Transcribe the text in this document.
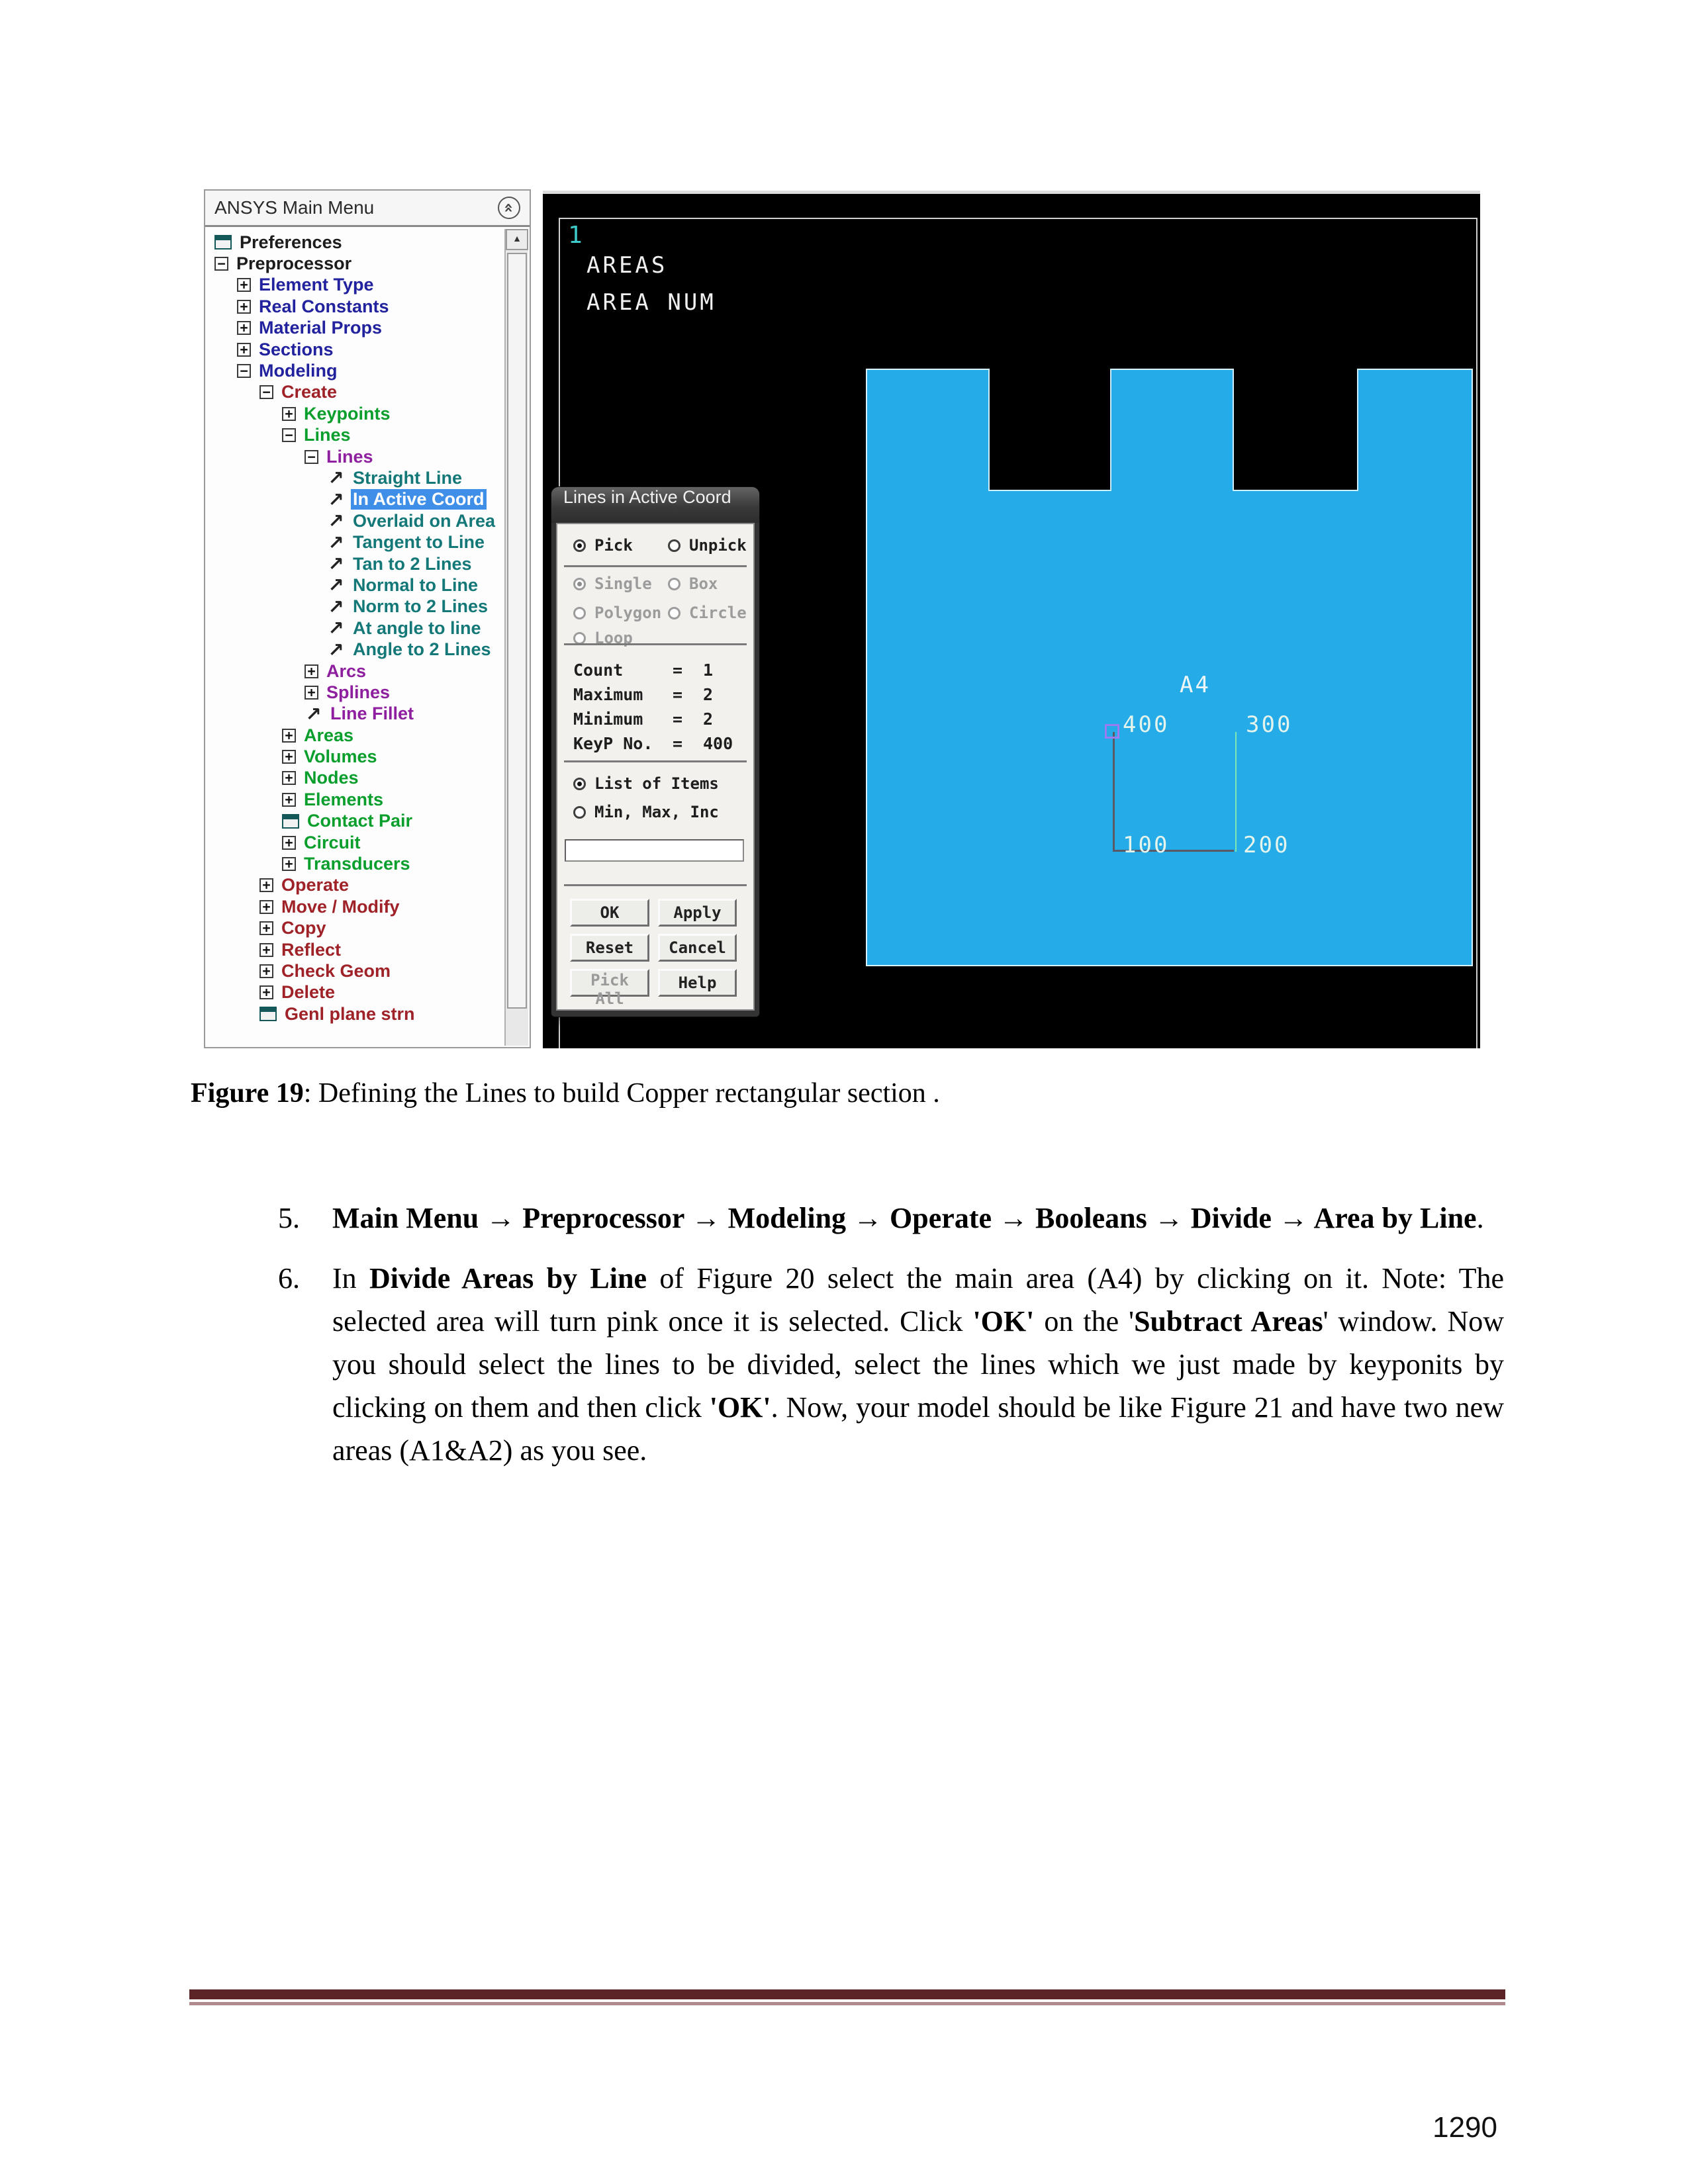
ANSYS Main Menu	«
Preferences
− Preprocessor
+ Element Type
+ Real Constants
+ Material Props
+ Sections
− Modeling
− Create
+ Keypoints
− Lines
− Lines
↗ Straight Line
↗ In Active Coord
↗ Overlaid on Area
↗ Tangent to Line
↗ Tan to 2 Lines
↗ Normal to Line
↗ Norm to 2 Lines
↗ At angle to line
↗ Angle to 2 Lines
+ Arcs
+ Splines
↗ Line Fillet
+ Areas
+ Volumes
+ Nodes
+ Elements
Contact Pair
+ Circuit
+ Transducers
+ Operate
+ Move / Modify
+ Copy
+ Reflect
+ Check Geom
+ Delete
Genl plane strn
▲ 1
AREAS
AREA NUM
A4
400	300
100	200
Lines in Active Coord
Pick	Unpick
Single Box
Polygon Circle
Loop
Count	=	1
Maximum	=	2
Minimum	=	2
KeyP No.	=	400
List of Items
Min, Max, Inc
OK	Apply
Reset	Cancel
Pick All
Help
Figure 19: Defining the Lines to build Copper rectangular section .
5.	Main Menu → Preprocessor → Modeling → Operate → Booleans → Divide → Area by Line.
6.	In Divide Areas by Line of Figure 20 select the main area (A4) by clicking on it. Note: The selected area will turn pink once it is selected. Click 'OK' on the 'Subtract Areas' window. Now you should select the lines to be divided, select the lines which we just made by keyponits by clicking on them and then click 'OK'. Now, your model should be like Figure 21 and have two new areas (A1&A2) as you see.
1290
